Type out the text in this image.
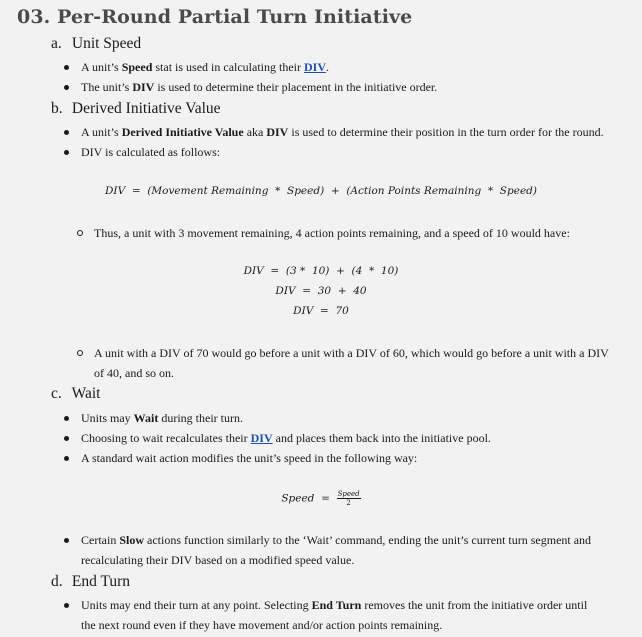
03. Per-Round Partial Turn Initiative
a. Unit Speed
A unit’s Speed stat is used in calculating their DIV.
The unit’s DIV is used to determine their placement in the initiative order.
b. Derived Initiative Value
A unit’s Derived Initiative Value aka DIV is used to determine their position in the turn order for the round.
DIV is calculated as follows:
DIV  =  (Movement Remaining  *  Speed)  +  (Action Points Remaining  *  Speed)
Thus, a unit with 3 movement remaining, 4 action points remaining, and a speed of 10 would have:
DIV  =  (3 *  10)  +  (4  *  10)
DIV  =  30  +  40
DIV  =  70
A unit with a DIV of 70 would go before a unit with a DIV of 60, which would go before a unit with a DIV
of 40, and so on.
c. Wait
Units may Wait during their turn.
Choosing to wait recalculates their DIV and places them back into the initiative pool.
A standard wait action modifies the unit’s speed in the following way:
Speed = $\frac{\text{Speed}}{2}$
Certain Slow actions function similarly to the ‘Wait’ command, ending the unit’s current turn segment and
recalculating their DIV based on a modified speed value.
d. End Turn
Units may end their turn at any point. Selecting End Turn removes the unit from the initiative order until
the next round even if they have movement and/or action points remaining.
